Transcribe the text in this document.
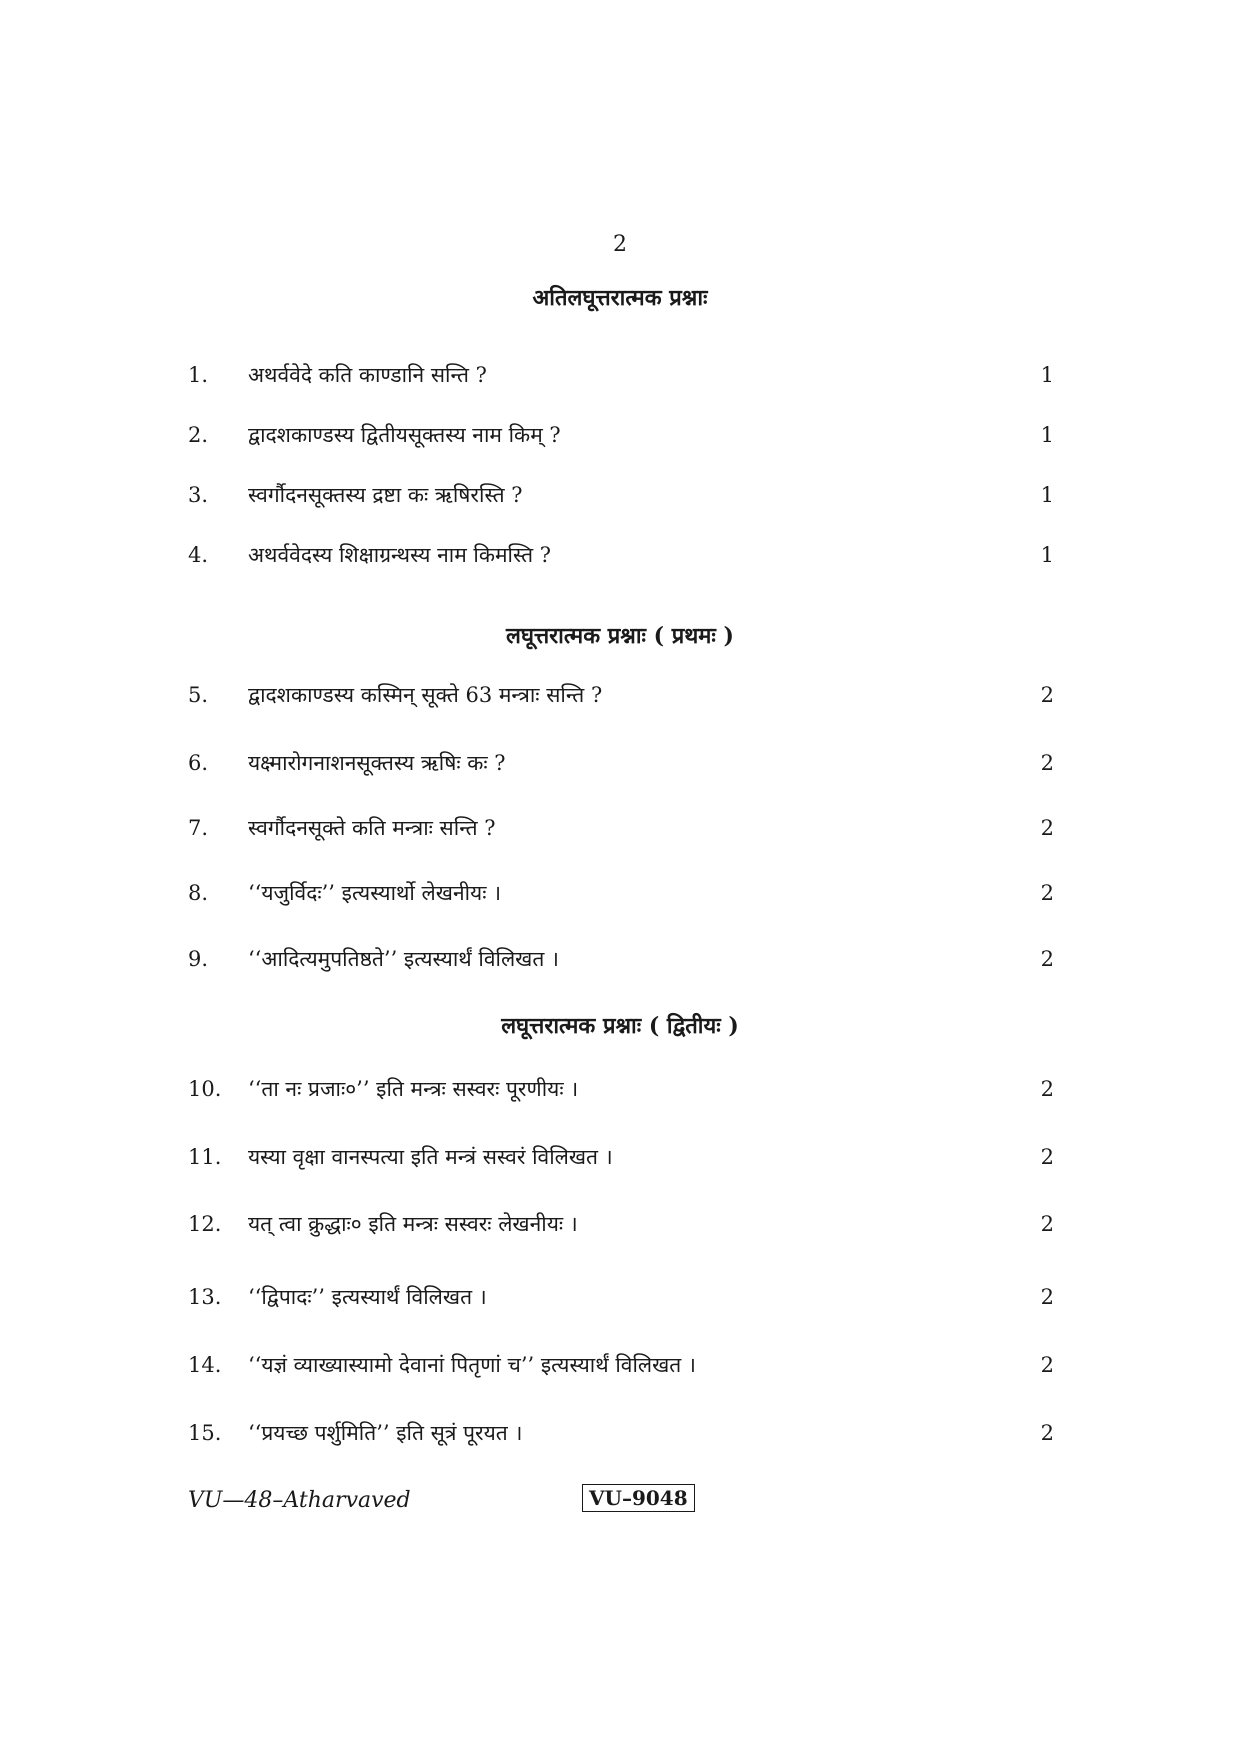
2
अतिलघूत्तरात्मक प्रश्नाः
1. अथर्ववेदे कति काण्डानि सन्ति ?	1
2. द्वादशकाण्डस्य द्वितीयसूक्तस्य नाम किम् ?	1
3. स्वर्गौदनसूक्तस्य द्रष्टा कः ऋषिरस्ति ?	1
4. अथर्ववेदस्य शिक्षाग्रन्थस्य नाम किमस्ति ?	1
लघूत्तरात्मक प्रश्नाः ( प्रथमः )
5. द्वादशकाण्डस्य कस्मिन् सूक्ते 63 मन्त्राः सन्ति ?	2
6. यक्ष्मारोगनाशनसूक्तस्य ऋषिः कः ?	2
7. स्वर्गौदनसूक्ते कति मन्त्राः सन्ति ?	2
8. ‘‘यजुर्विदः’’ इत्यस्यार्थो लेखनीयः ।	2
9. ‘‘आदित्यमुपतिष्ठते’’ इत्यस्यार्थं विलिखत ।	2
लघूत्तरात्मक प्रश्नाः ( द्वितीयः )
10. ‘‘ता नः प्रजाः०’’ इति मन्त्रः सस्वरः पूरणीयः ।	2
11. यस्या वृक्षा वानस्पत्या इति मन्त्रं सस्वरं विलिखत ।	2
12. यत् त्वा क्रुद्धाः० इति मन्त्रः सस्वरः लेखनीयः ।	2
13. ‘‘द्विपादः’’ इत्यस्यार्थं विलिखत ।	2
14. ‘‘यज्ञं व्याख्यास्यामो देवानां पितृणां च’’ इत्यस्यार्थं विलिखत ।	2
15. ‘‘प्रयच्छ पर्शुमिति’’ इति सूत्रं पूरयत ।	2
VU—48–Atharvaved	VU–9048
